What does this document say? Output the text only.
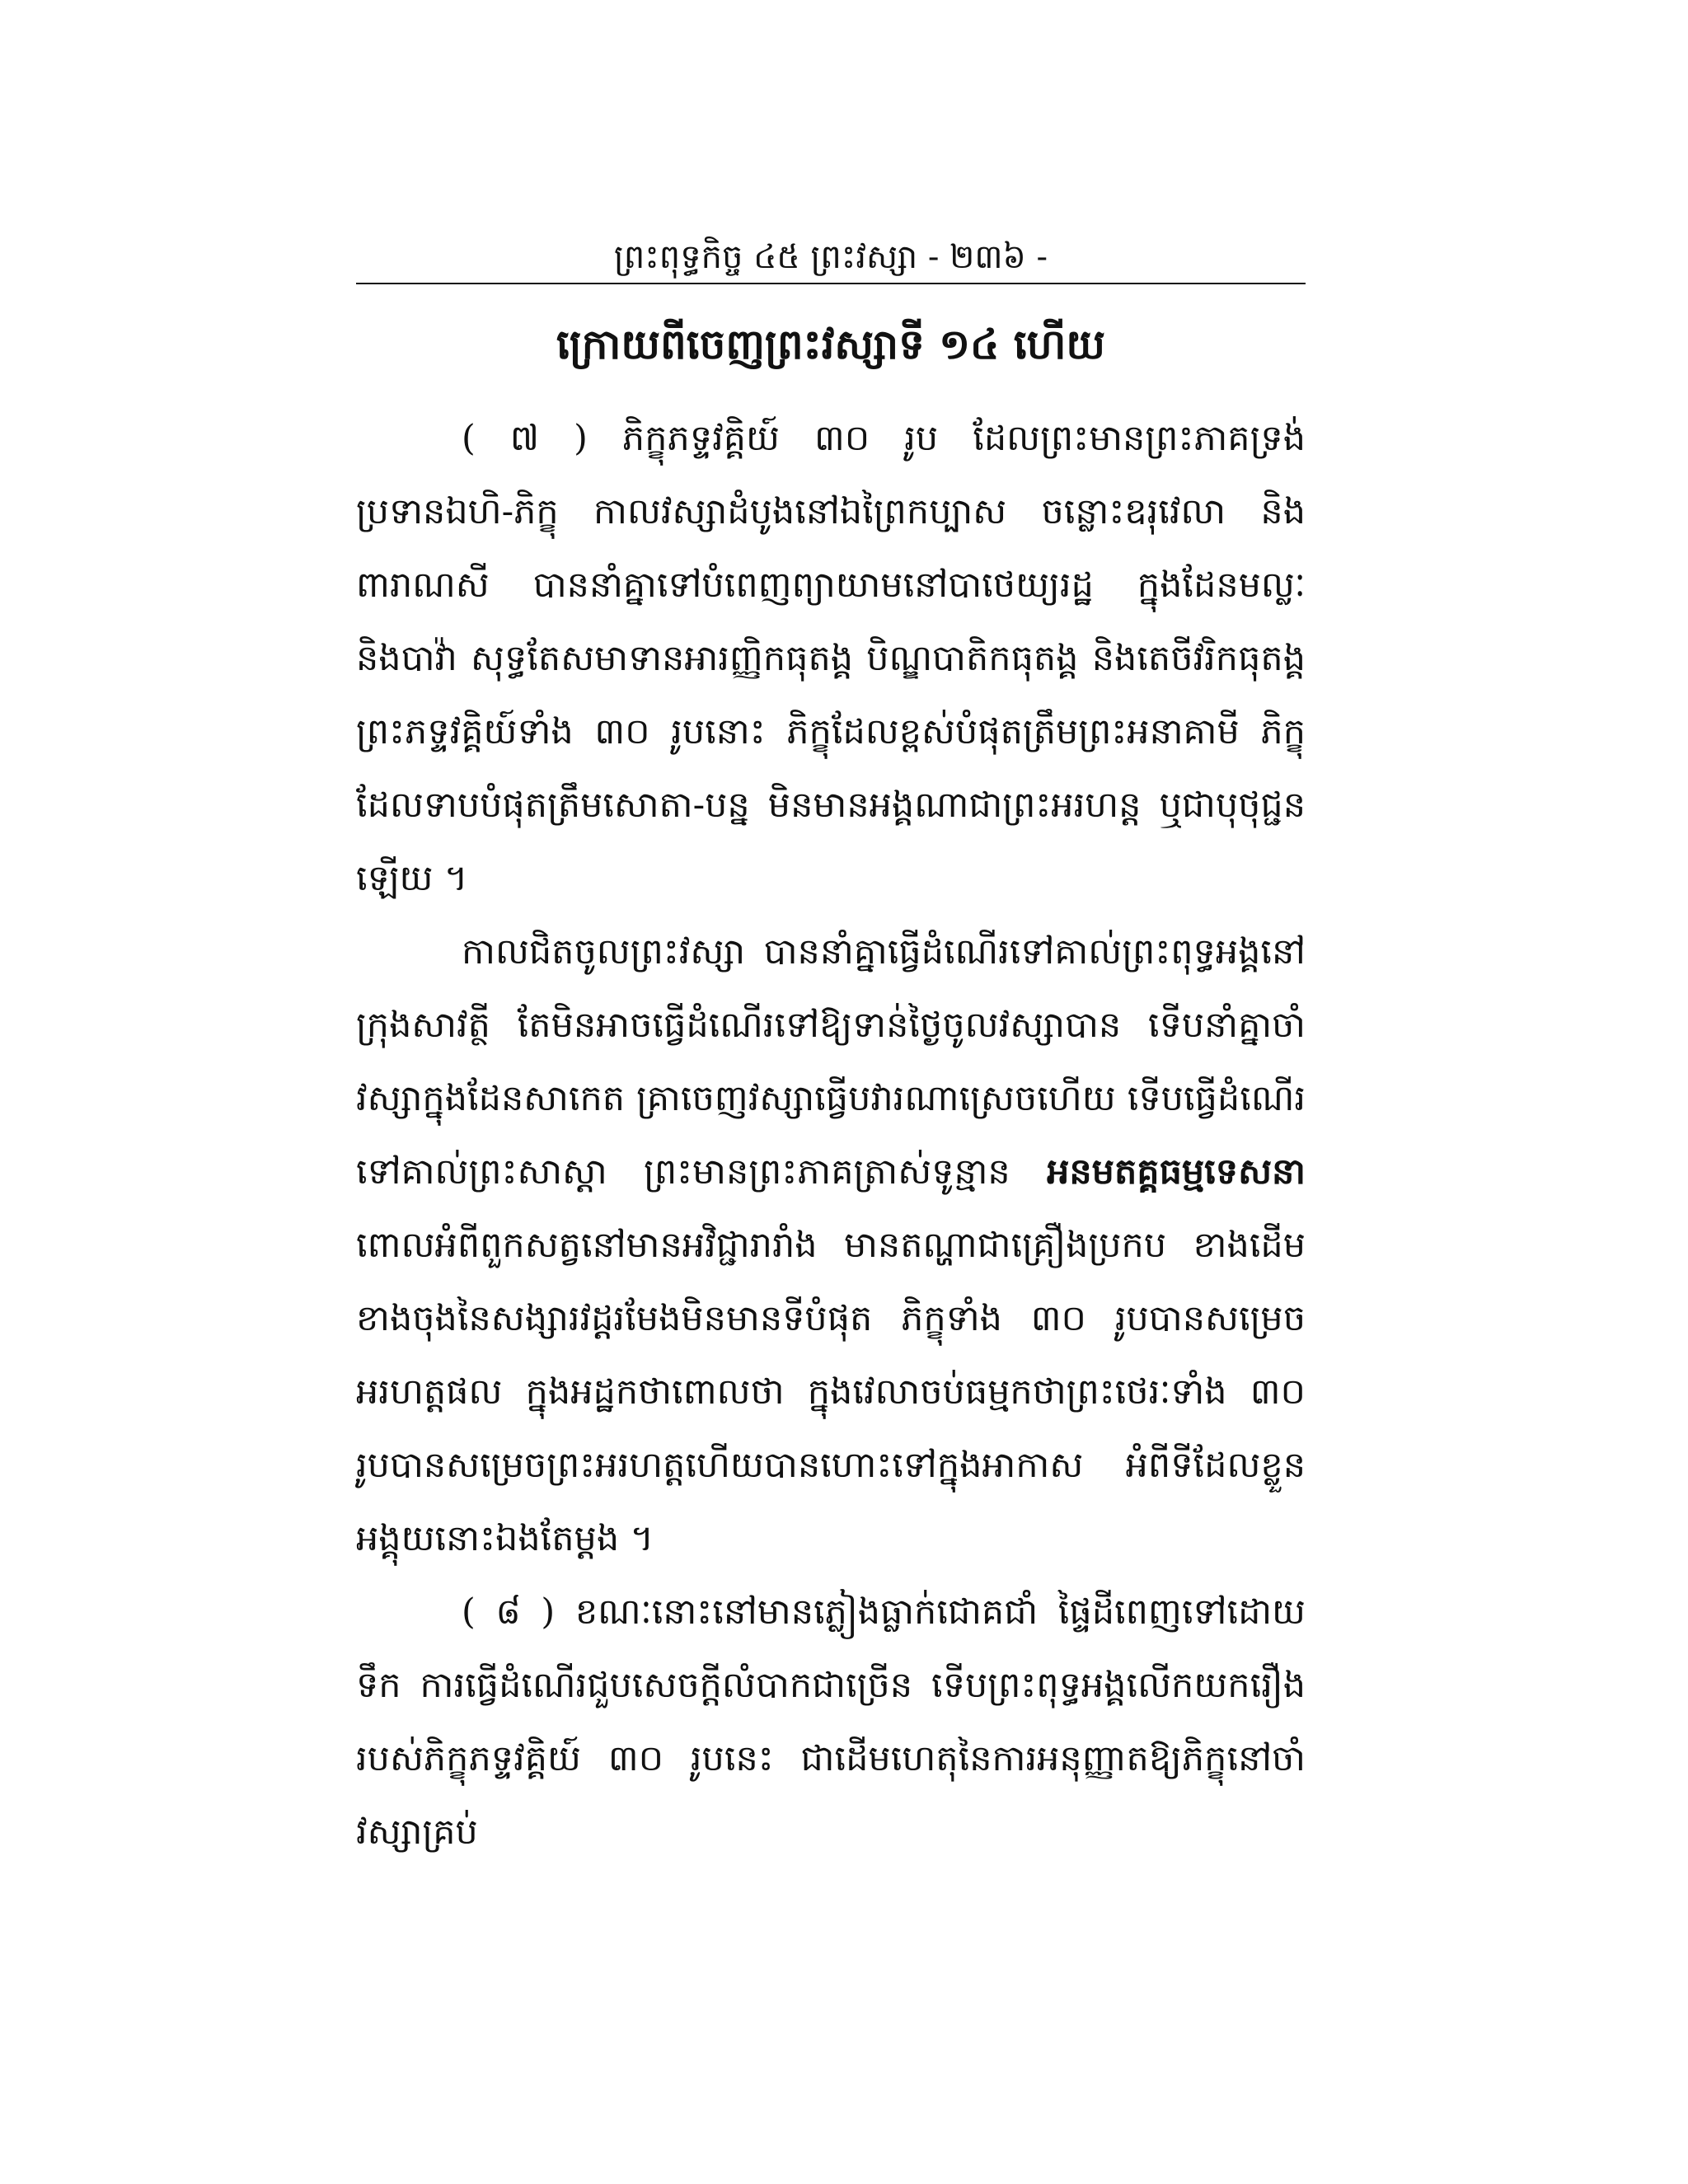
ព្រះពុទ្ធកិច្ច ៤៥ ព្រះវស្សា ‐ ២៣៦ ‐
ក្រោយពីចេញព្រះវស្សាទី ១៤ ហើយ

( ៧ ) ភិក្ខុភទ្ទវគ្គិយ៍ ៣០ រូប ដែលព្រះមានព្រះភាគទ្រង់ប្រទានឯហិ‐ភិក្ខុ កាលវស្សាដំបូងនៅឯព្រៃកប្បាស ចន្លោះឧរុវេលា និងពារាណសី បាននាំគ្នាទៅបំពេញព្យាយាមនៅបាថេយ្យរដ្ឋ ក្នុងដែនមល្លៈ និងបាវ៉ា សុទ្ធតែសមាទានអារញ្ញិកធុតង្គ បិណ្ឌបាតិកធុតង្គ និងតេចីវរិកធុតង្គ ព្រះភទ្ទវគ្គិយ៍ទាំង ៣០ រូបនោះ ភិក្ខុដែលខ្ពស់បំផុតត្រឹមព្រះអនាគាមី ភិក្ខុដែលទាបបំផុតត្រឹមសោតា‐បន្ន មិនមានអង្គណាជាព្រះអរហន្ត ឬជាបុថុជ្ជនឡើយ ។

កាលជិតចូលព្រះវស្សា បាននាំគ្នាធ្វើដំណើរទៅគាល់ព្រះពុទ្ធអង្គនៅក្រុងសាវត្ថី តែមិនអាចធ្វើដំណើរទៅឱ្យទាន់ថ្ងៃចូលវស្សាបាន ទើបនាំគ្នាចាំវស្សាក្នុងដែនសាកេត គ្រាចេញវស្សាធ្វើបវារណាស្រេចហើយ ទើបធ្វើដំណើរទៅគាល់ព្រះសាស្ដា ព្រះមានព្រះភាគត្រាស់ទូន្មាន អនមតគ្គធម្មទេសនា ពោលអំពីពួកសត្វនៅមានអវិជ្ជារារាំង មានតណ្ហាជាគ្រឿងប្រកប ខាងដើមខាងចុងនៃសង្សារវដ្ដរមែងមិនមានទីបំផុត ភិក្ខុទាំង ៣០ រូបបានសម្រេចអរហត្តផល ក្នុងអដ្ឋកថាពោលថា ក្នុងវេលាចប់ធម្មកថាព្រះថេរៈទាំង ៣០ រូបបានសម្រេចព្រះអរហត្តហើយបានហោះទៅក្នុងអាកាស អំពីទីដែលខ្លួនអង្គុយនោះឯងតែម្ដង ។

( ៨ ) ខណៈនោះនៅមានភ្លៀងធ្លាក់ជោគជាំ ផ្ទៃដីពេញទៅដោយទឹក ការធ្វើដំណើរជួបសេចក្ដីលំបាកជាច្រើន ទើបព្រះពុទ្ធអង្គលើកយករឿងរបស់ភិក្ខុភទ្ទវគ្គិយ៍ ៣០ រូបនេះ ជាដើមហេតុនៃការអនុញ្ញាតឱ្យភិក្ខុនៅចាំវស្សាគ្រប់
